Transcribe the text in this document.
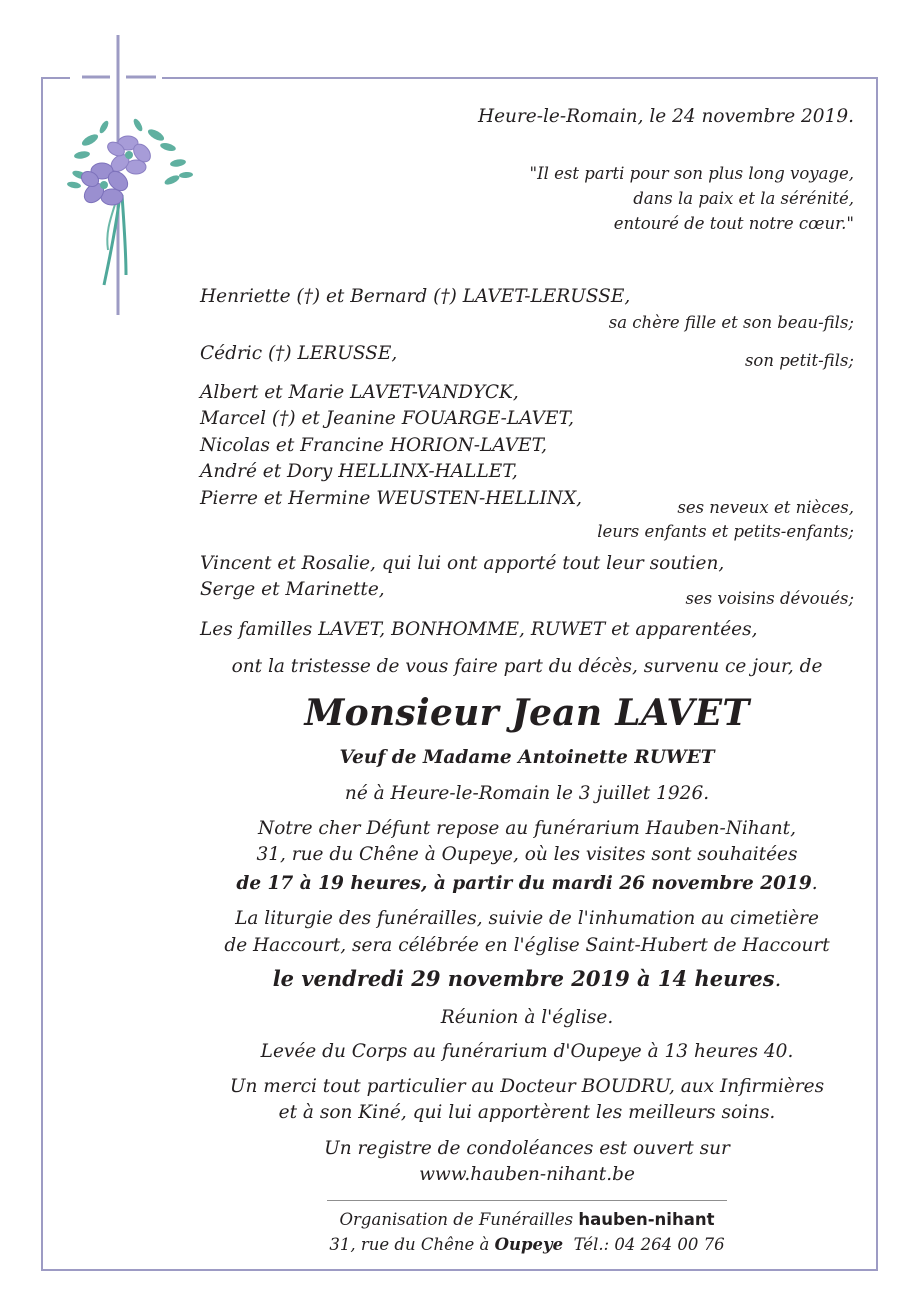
Heure-le-Romain, le 24 novembre 2019.
"Il est parti pour son plus long voyage,
dans la paix et la sérénité,
entouré de tout notre cœur."
Henriette (†) et Bernard (†) LAVET-LERUSSE,
sa chère fille et son beau-fils;
Cédric (†) LERUSSE,	son petit-fils;
Albert et Marie LAVET-VANDYCK,
Marcel (†) et Jeanine FOUARGE-LAVET,
Nicolas et Francine HORION-LAVET,
André et Dory HELLINX-HALLET,
Pierre et Hermine WEUSTEN-HELLINX,	ses neveux et nièces,
leurs enfants et petits-enfants;
Vincent et Rosalie, qui lui ont apporté tout leur soutien,
Serge et Marinette,	ses voisins dévoués;
Les familles LAVET, BONHOMME, RUWET et apparentées,
ont la tristesse de vous faire part du décès, survenu ce jour, de
Monsieur Jean LAVET
Veuf de Madame Antoinette RUWET
né à Heure-le-Romain le 3 juillet 1926.
Notre cher Défunt repose au funérarium Hauben-Nihant,
31, rue du Chêne à Oupeye, où les visites sont souhaitées
de 17 à 19 heures, à partir du mardi 26 novembre 2019.
La liturgie des funérailles, suivie de l'inhumation au cimetière
de Haccourt, sera célébrée en l'église Saint-Hubert de Haccourt
le vendredi 29 novembre 2019 à 14 heures.
Réunion à l'église.
Levée du Corps au funérarium d'Oupeye à 13 heures 40.
Un merci tout particulier au Docteur BOUDRU, aux Infirmières
et à son Kiné, qui lui apportèrent les meilleurs soins.
Un registre de condoléances est ouvert sur
www.hauben-nihant.be
Organisation de Funérailles hauben-nihant
31, rue du Chêne à Oupeye Tél.: 04 264 00 76
